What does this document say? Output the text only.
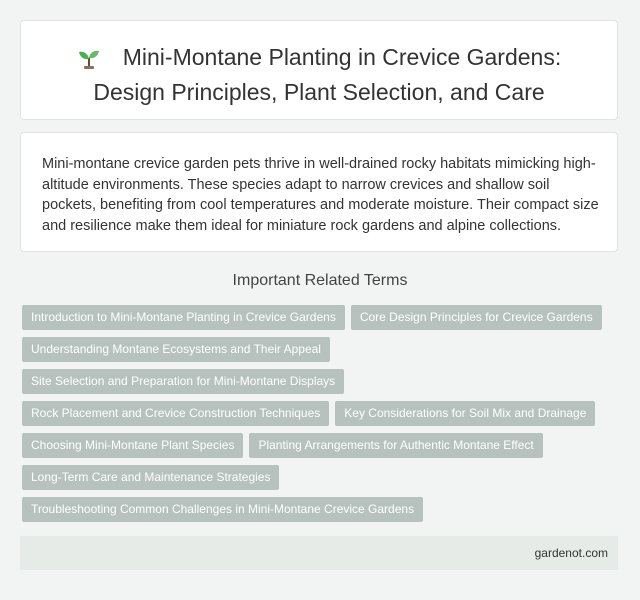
Mini-Montane Planting in Crevice Gardens:
Design Principles, Plant Selection, and Care

Mini-montane crevice garden pets thrive in well-drained rocky habitats mimicking high-altitude environments. These species adapt to narrow crevices and shallow soil pockets, benefiting from cool temperatures and moderate moisture. Their compact size and resilience make them ideal for miniature rock gardens and alpine collections.

Important Related Terms
Introduction to Mini-Montane Planting in Crevice Gardens Core Design Principles for Crevice Gardens
Understanding Montane Ecosystems and Their Appeal
Site Selection and Preparation for Mini-Montane Displays
Rock Placement and Crevice Construction Techniques Key Considerations for Soil Mix and Drainage
Choosing Mini-Montane Plant Species Planting Arrangements for Authentic Montane Effect
Long-Term Care and Maintenance Strategies
Troubleshooting Common Challenges in Mini-Montane Crevice Gardens
gardenot.com
